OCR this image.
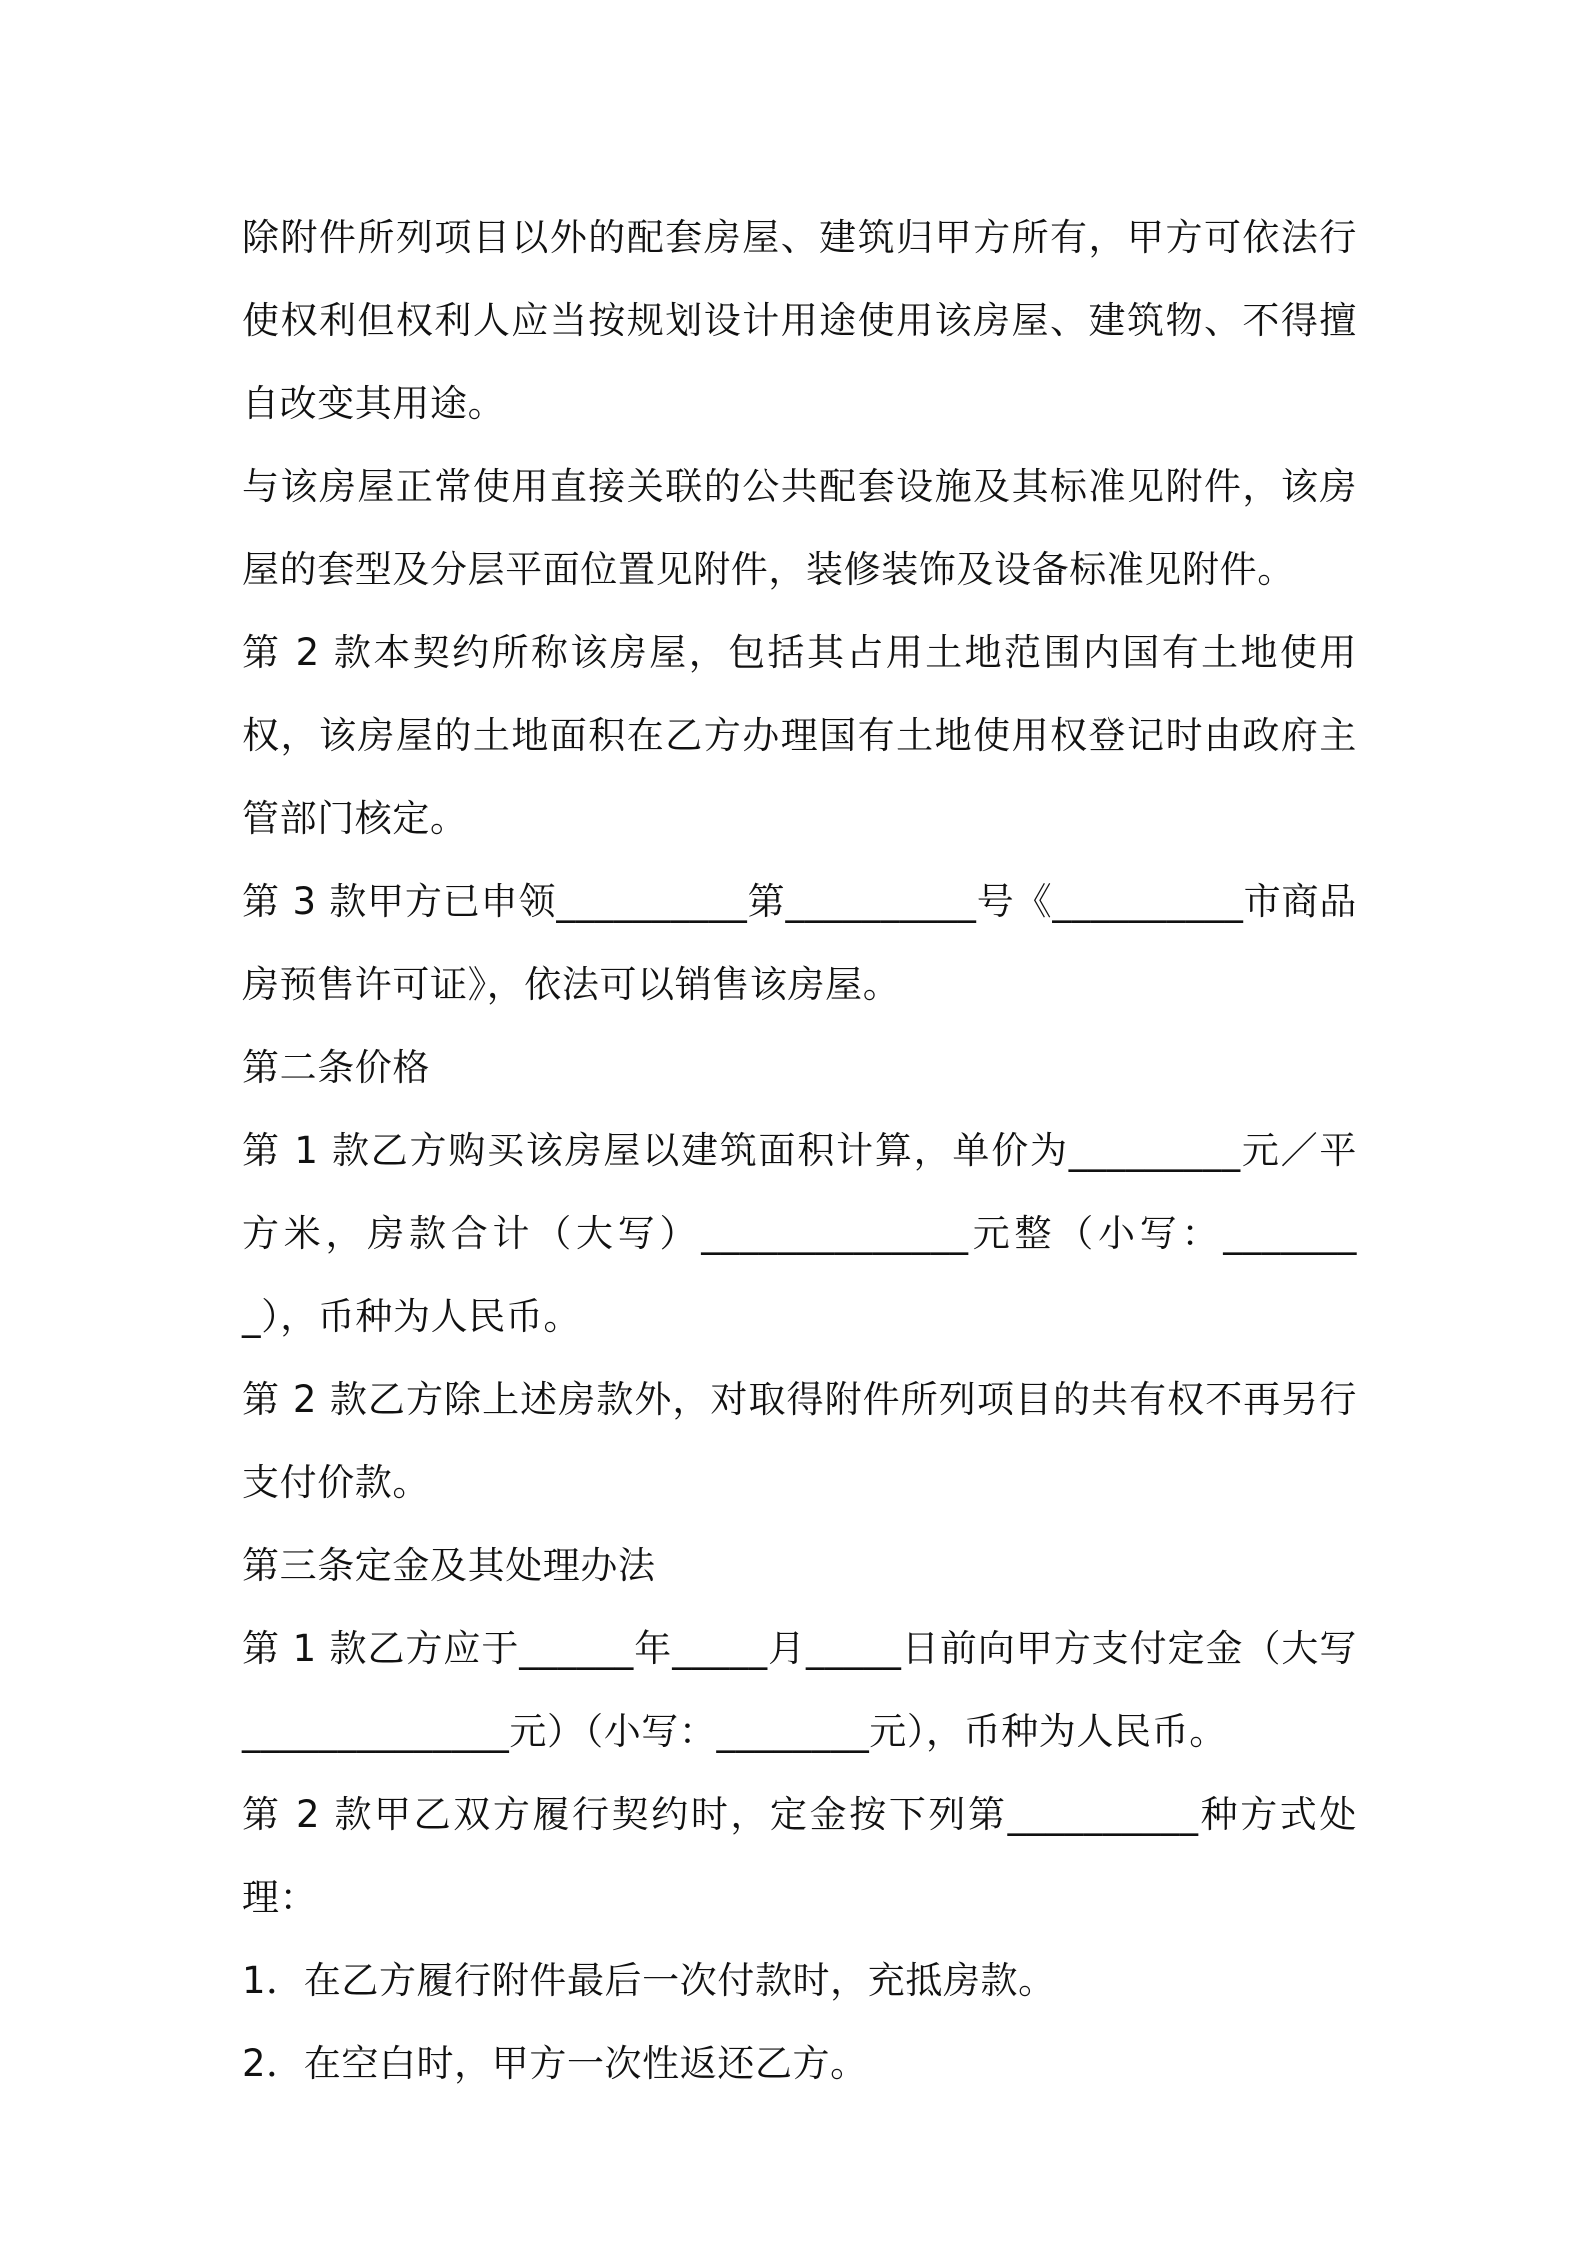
除附件所列项目以外的配套房屋、建筑归甲方所有，甲方可依法行使权利但权利人应当按规划设计用途使用该房屋、建筑物、不得擅自改变其用途。

与该房屋正常使用直接关联的公共配套设施及其标准见附件，该房屋的套型及分层平面位置见附件，装修装饰及设备标准见附件。

第 2 款本契约所称该房屋，包括其占用土地范围内国有土地使用权，该房屋的土地面积在乙方办理国有土地使用权登记时由政府主管部门核定。

第 3 款甲方已申领__________第__________号《__________市商品房预售许可证》，依法可以销售该房屋。

第二条价格

第 1 款乙方购买该房屋以建筑面积计算，单价为_________元／平方米，房款合计（大写）______________元整（小写：________），币种为人民币。

第 2 款乙方除上述房款外，对取得附件所列项目的共有权不再另行支付价款。

第三条定金及其处理办法

第 1 款乙方应于______年_____月_____日前向甲方支付定金（大写______________元）（小写：________元），币种为人民币。

第 2 款甲乙双方履行契约时，定金按下列第__________种方式处理：

1．在乙方履行附件最后一次付款时，充抵房款。

2．在空白时，甲方一次性返还乙方。
